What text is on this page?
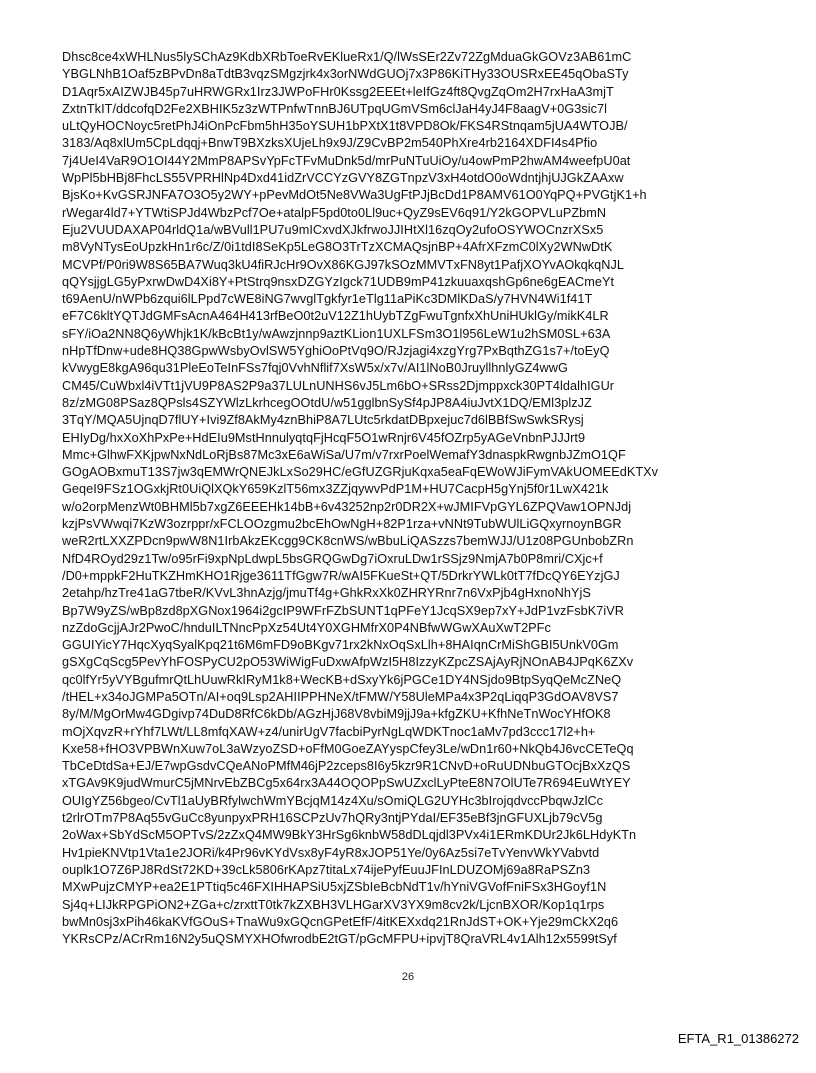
Dhsc8ce4xWHLNus5lySChAz9KdbXRbToeRvEKlueRx1/Q/lWsSEr2Zv72ZgMduaGkGOVz3AB61mC
YBGLNhB1Oaf5zBPvDn8aTdtB3vqzSMgzjrk4x3orNWdGUOj7x3P86KiTHy33OUSRxEE45qObaSTy
D1Aqr5xAIZWJB45p7uHRWGRx1Irz3JWPoFHr0Kssg2EEEt+leIfGz4ft8QvgZqOm2H7rxHaA3mjT
ZxtnTkIT/ddcofqD2Fe2XBHIK5z3zWTPnfwTnnBJ6UTpqUGmVSm6clJaH4yJ4F8aagV+0G3sic7l
uLtQyHOCNoyc5retPhJ4iOnPcFbm5hH35oYSUH1bPXtX1t8VPD8Ok/FKS4RStnqam5jUA4WTOJB/
3183/Aq8xlUm5CpLdqqj+BnwT9BXzksXUjeLh9x9J/Z9CvBP2m540PhXre4rb2164XDFI4s4Pfio
7j4UeI4VaR9O1OI44Y2MmP8APSvYpFcTFvMuDnk5d/mrPuNTuUiOy/u4owPmP2hwAM4weefpU0at
WpPl5bHBj8FhcLS55VPRHlNp4Dxd41idZrVCCYzGVY8ZGTnpzV3xH4otdO0oWdntjhjUJGkZAAxw
BjsKo+KvGSRJNFA7O3O5y2WY+pPevMdOt5Ne8VWa3UgFtPJjBcDd1P8AMV61O0YqPQ+PVGtjK1+h
rWegar4ld7+YTWtiSPJd4WbzPcf7Oe+atalpF5pd0to0Ll9uc+QyZ9sEV6q91/Y2kGOPVLuPZbmN
Eju2VUUDAXAP04rldQ1a/wBVull1PU7u9mICxvdXJkfrwoJJIHtXl16zqOy2ufoOSYWOCnzrXSx5
m8VyNTysEoUpzkHn1r6c/Z/0i1tdI8SeKp5LeG8O3TrTzXCMAQsjnBP+4AfrXFzmC0lXy2WNwDtK
MCVPf/P0ri9W8S65BA7Wuq3kU4fiRJcHr9OvX86KGJ97kSOzMMVTxFN8yt1PafjXOYvAOkqkqNJL
qQYsjjgLG5yPxrwDwD4Xi8Y+PtStrq9nsxDZGYzIgck71UDB9mP41zkuuaxqshGp6ne6gEACmeYt
t69AenU/nWPb6zqui6lLPpd7cWE8iNG7wvglTgkfyr1eTlg11aPiKc3DMlKDaS/y7HVN4Wi1f41T
eF7C6kltYQTJdGMFsAcnA464H413rfBeO0t2uV12Z1hUybTZgFwuTgnfxXhUniHUklGy/mikK4LR
sFY/iOa2NN8Q6yWhjk1K/kBcBt1y/wAwzjnnp9aztKLion1UXLFSm3O1l956LeW1u2hSM0SL+63A
nHpTfDnw+ude8HQ38GpwWsbyOvlSW5YghiOoPtVq9O/RJzjagi4xzgYrg7PxBqthZG1s7+/toEyQ
kVwygE8kgA96qu31PleEoTeInFSs7fqj0VvhNflif7XsW5x/x7v/AI1lNoB0JruyllhnlyGZ4wwG
CM45/CuWbxl4iVTt1jVU9P8AS2P9a37LULnUNHS6vJ5Lm6bO+SRss2Djmppxck30PT4ldalhIGUr
8z/zMG08PSaz8QPsls4SZYWlzLkrhcegOOtdU/w51gglbnSySf4pJP8A4iuJvtX1DQ/EMl3plzJZ
3TqY/MQA5UjnqD7flUY+Ivi9Zf8AkMy4znBhiP8A7LUtc5rkdatDBpxejuc7d6lBBfSwSwkSRysj
EHIyDg/hxXoXhPxPe+HdEIu9MstHnnulyqtqFjHcqF5O1wRnjr6V45fOZrp5yAGeVnbnPJJJrt9
Mmc+GlhwFXKjpwNxNdLoRjBs87Mc3xE6aWiSa/U7m/v7rxrPoelWemafY3dnaspkRwgnbJZmO1QF
GOgAOBxmuT13S7jw3qEMWrQNEJkLxSo29HC/eGfUZGRjuKqxa5eaFqEWoWJiFymVAkUOMEEdKTXv
GeqeI9FSz1OGxkjRt0UiQlXQkY659KzlT56mx3ZZjqywvPdP1M+HU7CacpH5gYnj5f0r1LwX421k
w/o2orpMenzWt0BHMl5b7xgZ6EEEHk14bB+6v43252np2r0DR2X+wJMIFVpGYL6ZPQVaw1OPNJdj
kzjPsVWwqi7KzW3ozrppr/xFCLOOzgmu2bcEhOwNgH+82P1rza+vNNt9TubWUlLiGQxyrnoynBGR
weR2rtLXXZPDcn9pwW8N1IrbAkzEKcgg9CK8cnWS/wBbuLiQASzzs7bemWJJ/U1z08PGUnbobZRn
NfD4ROyd29z1Tw/o95rFi9xpNpLdwpL5bsGRQGwDg7iOxruLDw1rSSjz9NmjA7b0P8mri/CXjc+f
/D0+mppkF2HuTKZHmKHO1Rjge3611TfGgw7R/wAI5FKueSt+QT/5DrkrYWLk0tT7fDcQY6EYzjGJ
2etahp/hzTre41aG7tbeR/KVvL3hnAzjg/jmuTf4g+GhkRxXk0ZHRYRnr7n6VxPjb4gHxnoNhYjS
Bp7W9yZS/wBp8zd8pXGNox1964i2gcIP9WFrFZbSUNT1qPFeY1JcqSX9ep7xY+JdP1vzFsbK7iVR
nzZdoGcjjAJr2PwoC/hnduILTNncPpXz54Ut4Y0XGHMfrX0P4NBfwWGwXAuXwT2PFc
GGUIYicY7HqcXyqSyalKpq21t6M6mFD9oBKgv71rx2kNxOqSxLlh+8HAIqnCrMiShGBI5UnkV0Gm
gSXgCqScg5PevYhFOSPyCU2pO53WiWigFuDxwAfpWzI5H8IzzyKZpcZSAjAyRjNOnAB4JPqK6ZXv
qc0lfYr5yVYBgufmrQtLhUuwRkIRyM1k8+WecKB+dSxyYk6jPGCe1DY4NSjdo9BtpSyqQeMcZNeQ
/tHEL+x34oJGMPa5OTn/AI+oq9Lsp2AHIIPPHNeX/tFMW/Y58UleMPa4x3P2qLiqqP3GdOAV8VS7
8y/M/MgOrMw4GDgivp74DuD8RfC6kDb/AGzHjJ68V8vbiM9jjJ9a+kfgZKU+KfhNeTnWocYHfOK8
mOjXqvzR+rYhf7LWt/LL8mfqXAW+z4/unirUgV7facbiPyrNgLqWDKTnoc1aMv7pd3ccc17l2+h+
Kxe58+fHO3VPBWnXuw7oL3aWzyoZSD+oFfM0GoeZAYyspCfey3Le/wDn1r60+NkQb4J6vcCETeQq
TbCeDtdSa+EJ/E7wpGsdvCQeANoPMfM46jP2zceps8I6y5kzr9R1CNvD+oRuUDNbuGTOcjBxXzQS
xTGAv9K9judWmurC5jMNrvEbZBCg5x64rx3A44OQOPpSwUZxclLyPteE8N7OlUTe7R694EuWtYEY
OUIgYZ56bgeo/CvTl1aUyBRfylwchWmYBcjqM14z4Xu/sOmiQLG2UYHc3bIrojqdvccPbqwJzlCc
t2rlrOTm7P8Aq55vGuCc8yunpyxPRH16SCPzUv7hQRy3ntjPYdaI/EF35eBf3jnGFUXLjb79cV5g
2oWax+SbYdScM5OPTvS/2zZxQ4MW9BkY3HrSg6knbW58dDLqjdl3PVx4i1ERmKDUr2Jk6LHdyKTn
Hv1pieKNVtp1Vta1e2JORi/k4Pr96vKYdVsx8yF4yR8xJOP51Ye/0y6Az5si7eTvYenvWkYVabvtd
ouplk1O7Z6PJ8RdSt72KD+39cLk5806rKApz7titaLx74ijePyfEuuJFInLDUZOMj69a8RaPSZn3
MXwPujzCMYP+ea2E1PTtiq5c46FXIHHAPSiU5xjZSbIeBcbNdT1v/hYniVGVofFniFSx3HGoyf1N
Sj4q+LIJkRPGPiON2+ZGa+c/zrxttT0tk7kZXBH3VLHGarXV3YX9m8cv2k/LjcnBXOR/Kop1q1rps
bwMn0sj3xPih46kaKVfGOuS+TnaWu9xGQcnGPetEfF/4itKEXxdq21RnJdST+OK+Yje29mCkX2q6
YKRsCPz/ACrRm16N2y5uQSMYXHOfwrodbE2tGT/pGcMFPU+ipvjT8QraVRL4v1Alh12x5599tSyf
26
EFTA_R1_01386272
